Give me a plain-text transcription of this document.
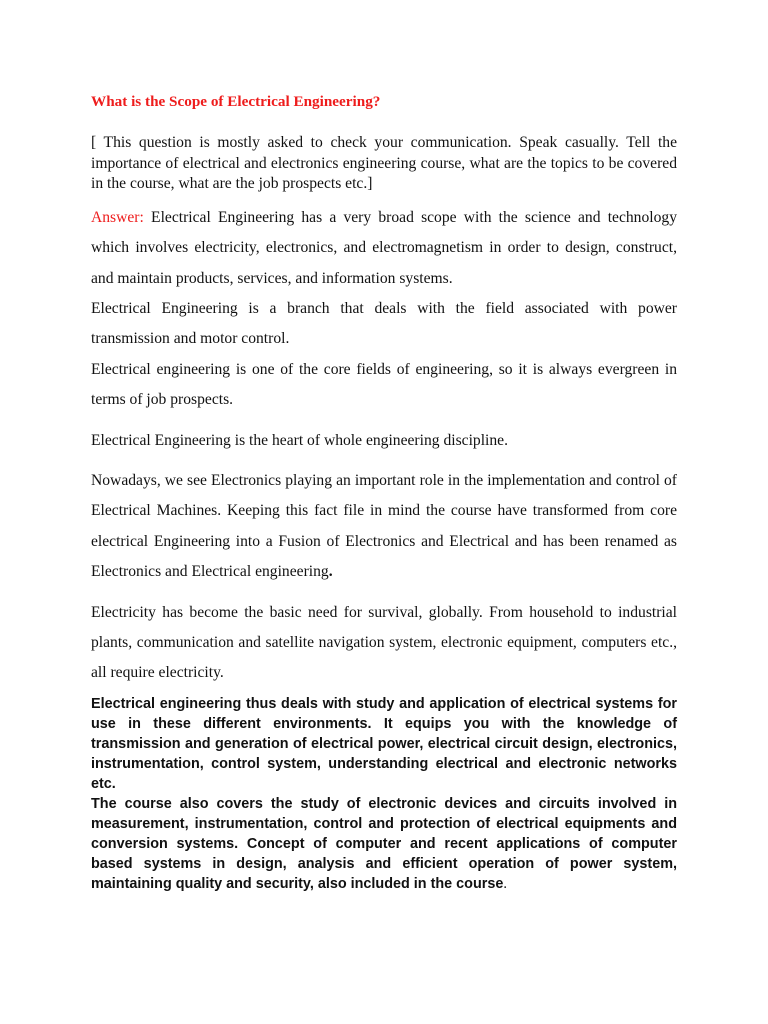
What is the Scope of Electrical Engineering?

[ This question is mostly asked to check your communication. Speak casually. Tell the importance of electrical and electronics engineering course, what are the topics to be covered in the course, what are the job prospects etc.]

Answer: Electrical Engineering has a very broad scope with the science and technology which involves electricity, electronics, and electromagnetism in order to design, construct, and maintain products, services, and information systems.

Electrical Engineering is a branch that deals with the field associated with power transmission and motor control.

Electrical engineering is one of the core fields of engineering, so it is always evergreen in terms of job prospects.

Electrical Engineering is the heart of whole engineering discipline.

Nowadays, we see Electronics playing an important role in the implementation and control of Electrical Machines. Keeping this fact file in mind the course have transformed from core electrical Engineering into a Fusion of Electronics and Electrical and has been renamed as Electronics and Electrical engineering.

Electricity has become the basic need for survival, globally. From household to industrial plants, communication and satellite navigation system, electronic equipment, computers etc., all require electricity.

Electrical engineering thus deals with study and application of electrical systems for use in these different environments. It equips you with the knowledge of transmission and generation of electrical power, electrical circuit design, electronics, instrumentation, control system, understanding electrical and electronic networks etc.

The course also covers the study of electronic devices and circuits involved in measurement, instrumentation, control and protection of electrical equipments and conversion systems. Concept of computer and recent applications of computer based systems in design, analysis and efficient operation of power system, maintaining quality and security, also included in the course.
